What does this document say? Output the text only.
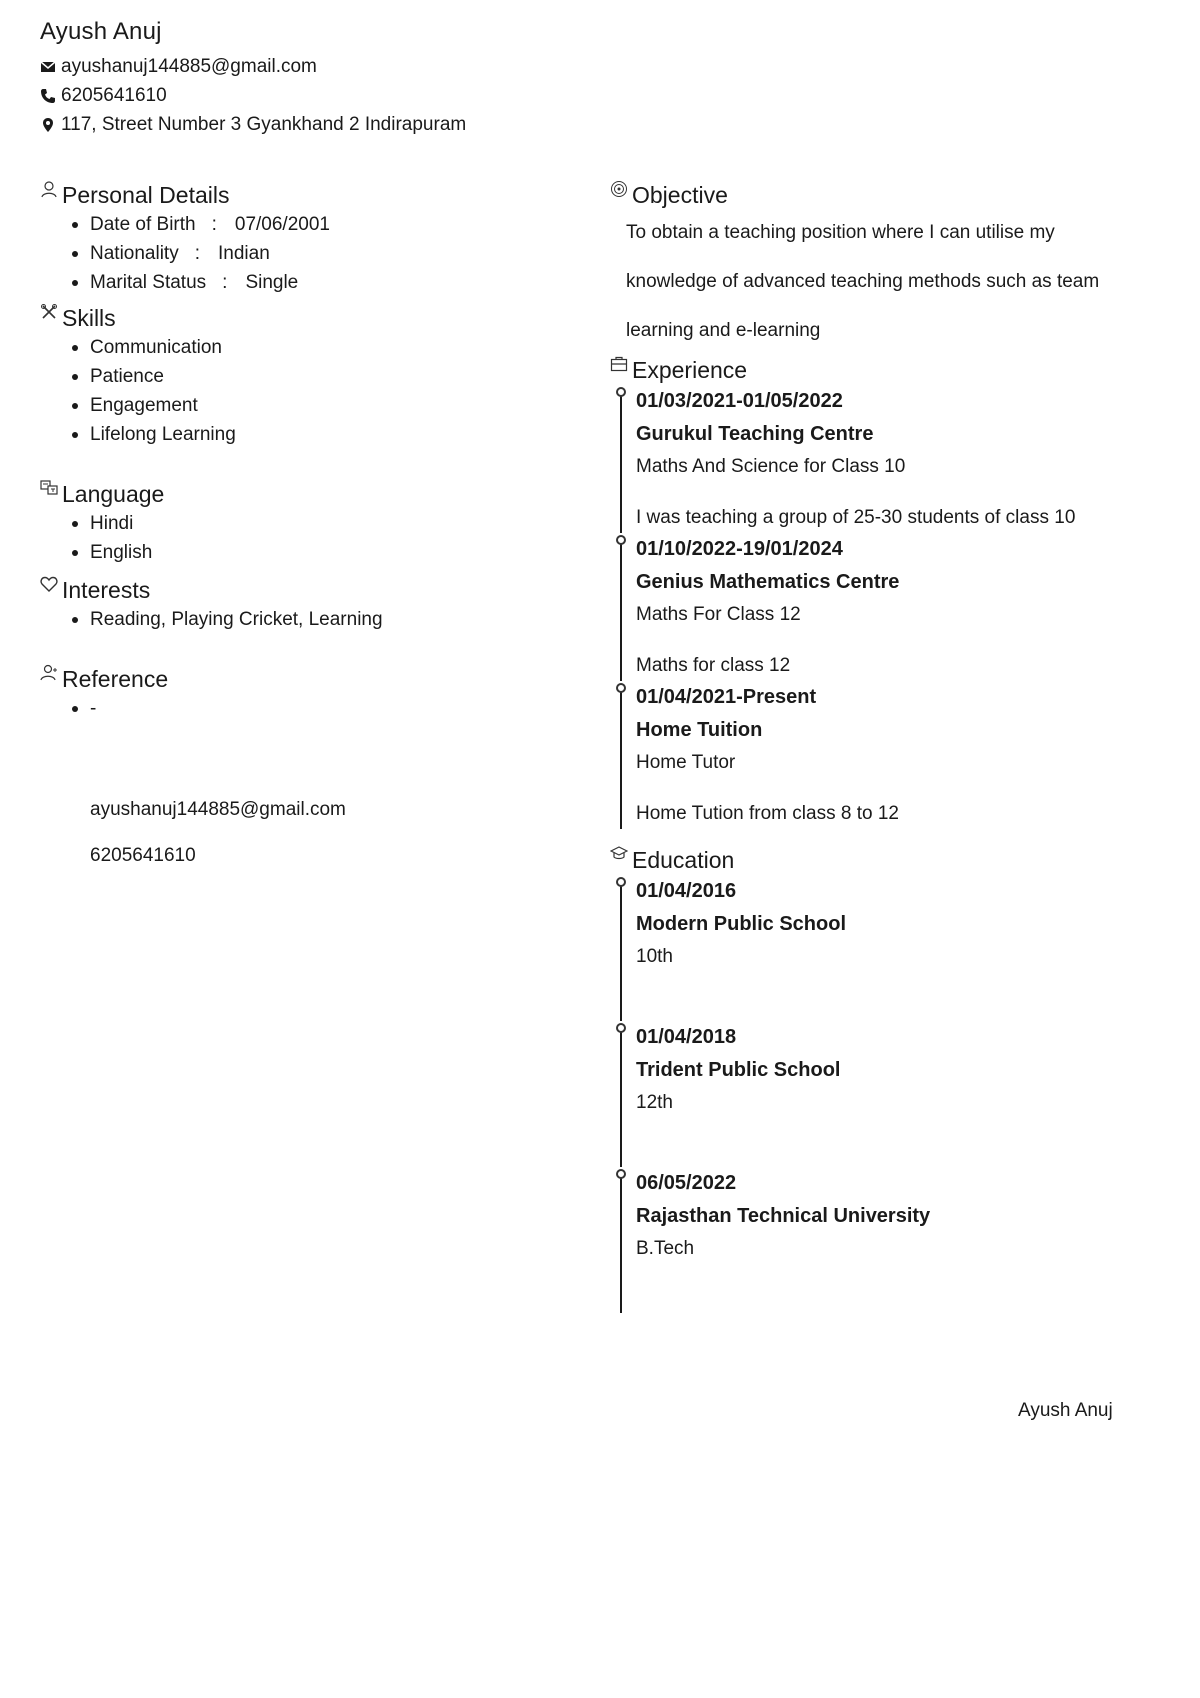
Ayush Anuj
ayushanuj144885@gmail.com
6205641610
117, Street Number 3 Gyankhand 2 Indirapuram
Personal Details
Date of Birth : 07/06/2001
Nationality : Indian
Marital Status : Single
Skills
Communication
Patience
Engagement
Lifelong Learning
Language
Hindi
English
Interests
Reading, Playing Cricket, Learning
Reference
-
ayushanuj144885@gmail.com
6205641610
Objective
To obtain a teaching position where I can utilise my
knowledge of advanced teaching methods such as team
learning and e-learning
Experience
01/03/2021-01/05/2022
Gurukul Teaching Centre
Maths And Science for Class 10
I was teaching a group of 25-30 students of class 10
01/10/2022-19/01/2024
Genius Mathematics Centre
Maths For Class 12
Maths for class 12
01/04/2021-Present
Home Tuition
Home Tutor
Home Tution from class 8 to 12
Education
01/04/2016
Modern Public School
10th
01/04/2018
Trident Public School
12th
06/05/2022
Rajasthan Technical University
B.Tech
Ayush Anuj
